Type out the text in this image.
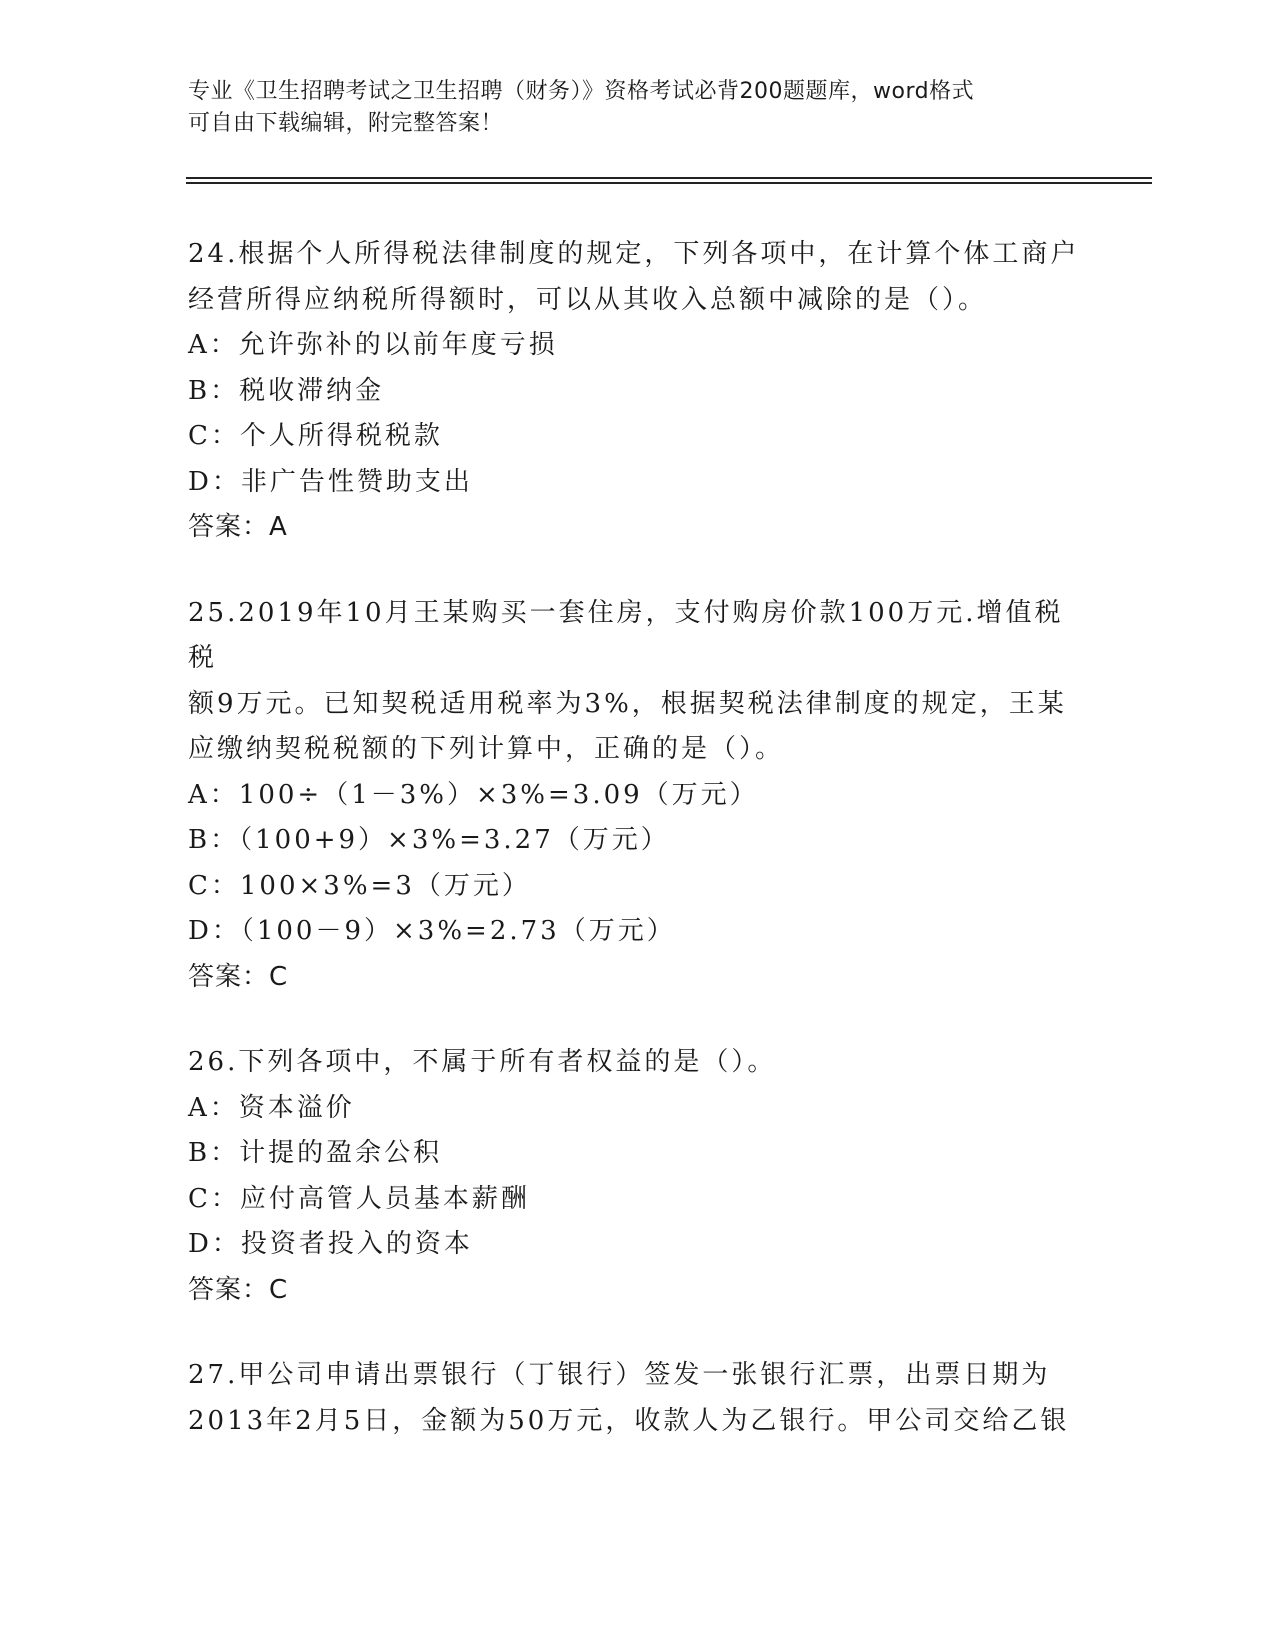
专业《卫生招聘考试之卫生招聘（财务）》资格考试必背200题题库，word格式
可自由下载编辑，附完整答案！
24.根据个人所得税法律制度的规定，下列各项中，在计算个体工商户
经营所得应纳税所得额时，可以从其收入总额中减除的是（）。
A：允许弥补的以前年度亏损
B：税收滞纳金
C：个人所得税税款
D：非广告性赞助支出
答案：A
25.2019年10月王某购买一套住房，支付购房价款100万元.增值税税
额9万元。已知契税适用税率为3%，根据契税法律制度的规定，王某
应缴纳契税税额的下列计算中，正确的是（）。
A：100÷（1－3%）×3%=3.09（万元）
B：（100+9）×3%=3.27（万元）
C：100×3%=3（万元）
D：（100－9）×3%=2.73（万元）
答案：C
26.下列各项中，不属于所有者权益的是（）。
A：资本溢价
B：计提的盈余公积
C：应付高管人员基本薪酬
D：投资者投入的资本
答案：C
27.甲公司申请出票银行（丁银行）签发一张银行汇票，出票日期为
2013年2月5日，金额为50万元，收款人为乙银行。甲公司交给乙银
